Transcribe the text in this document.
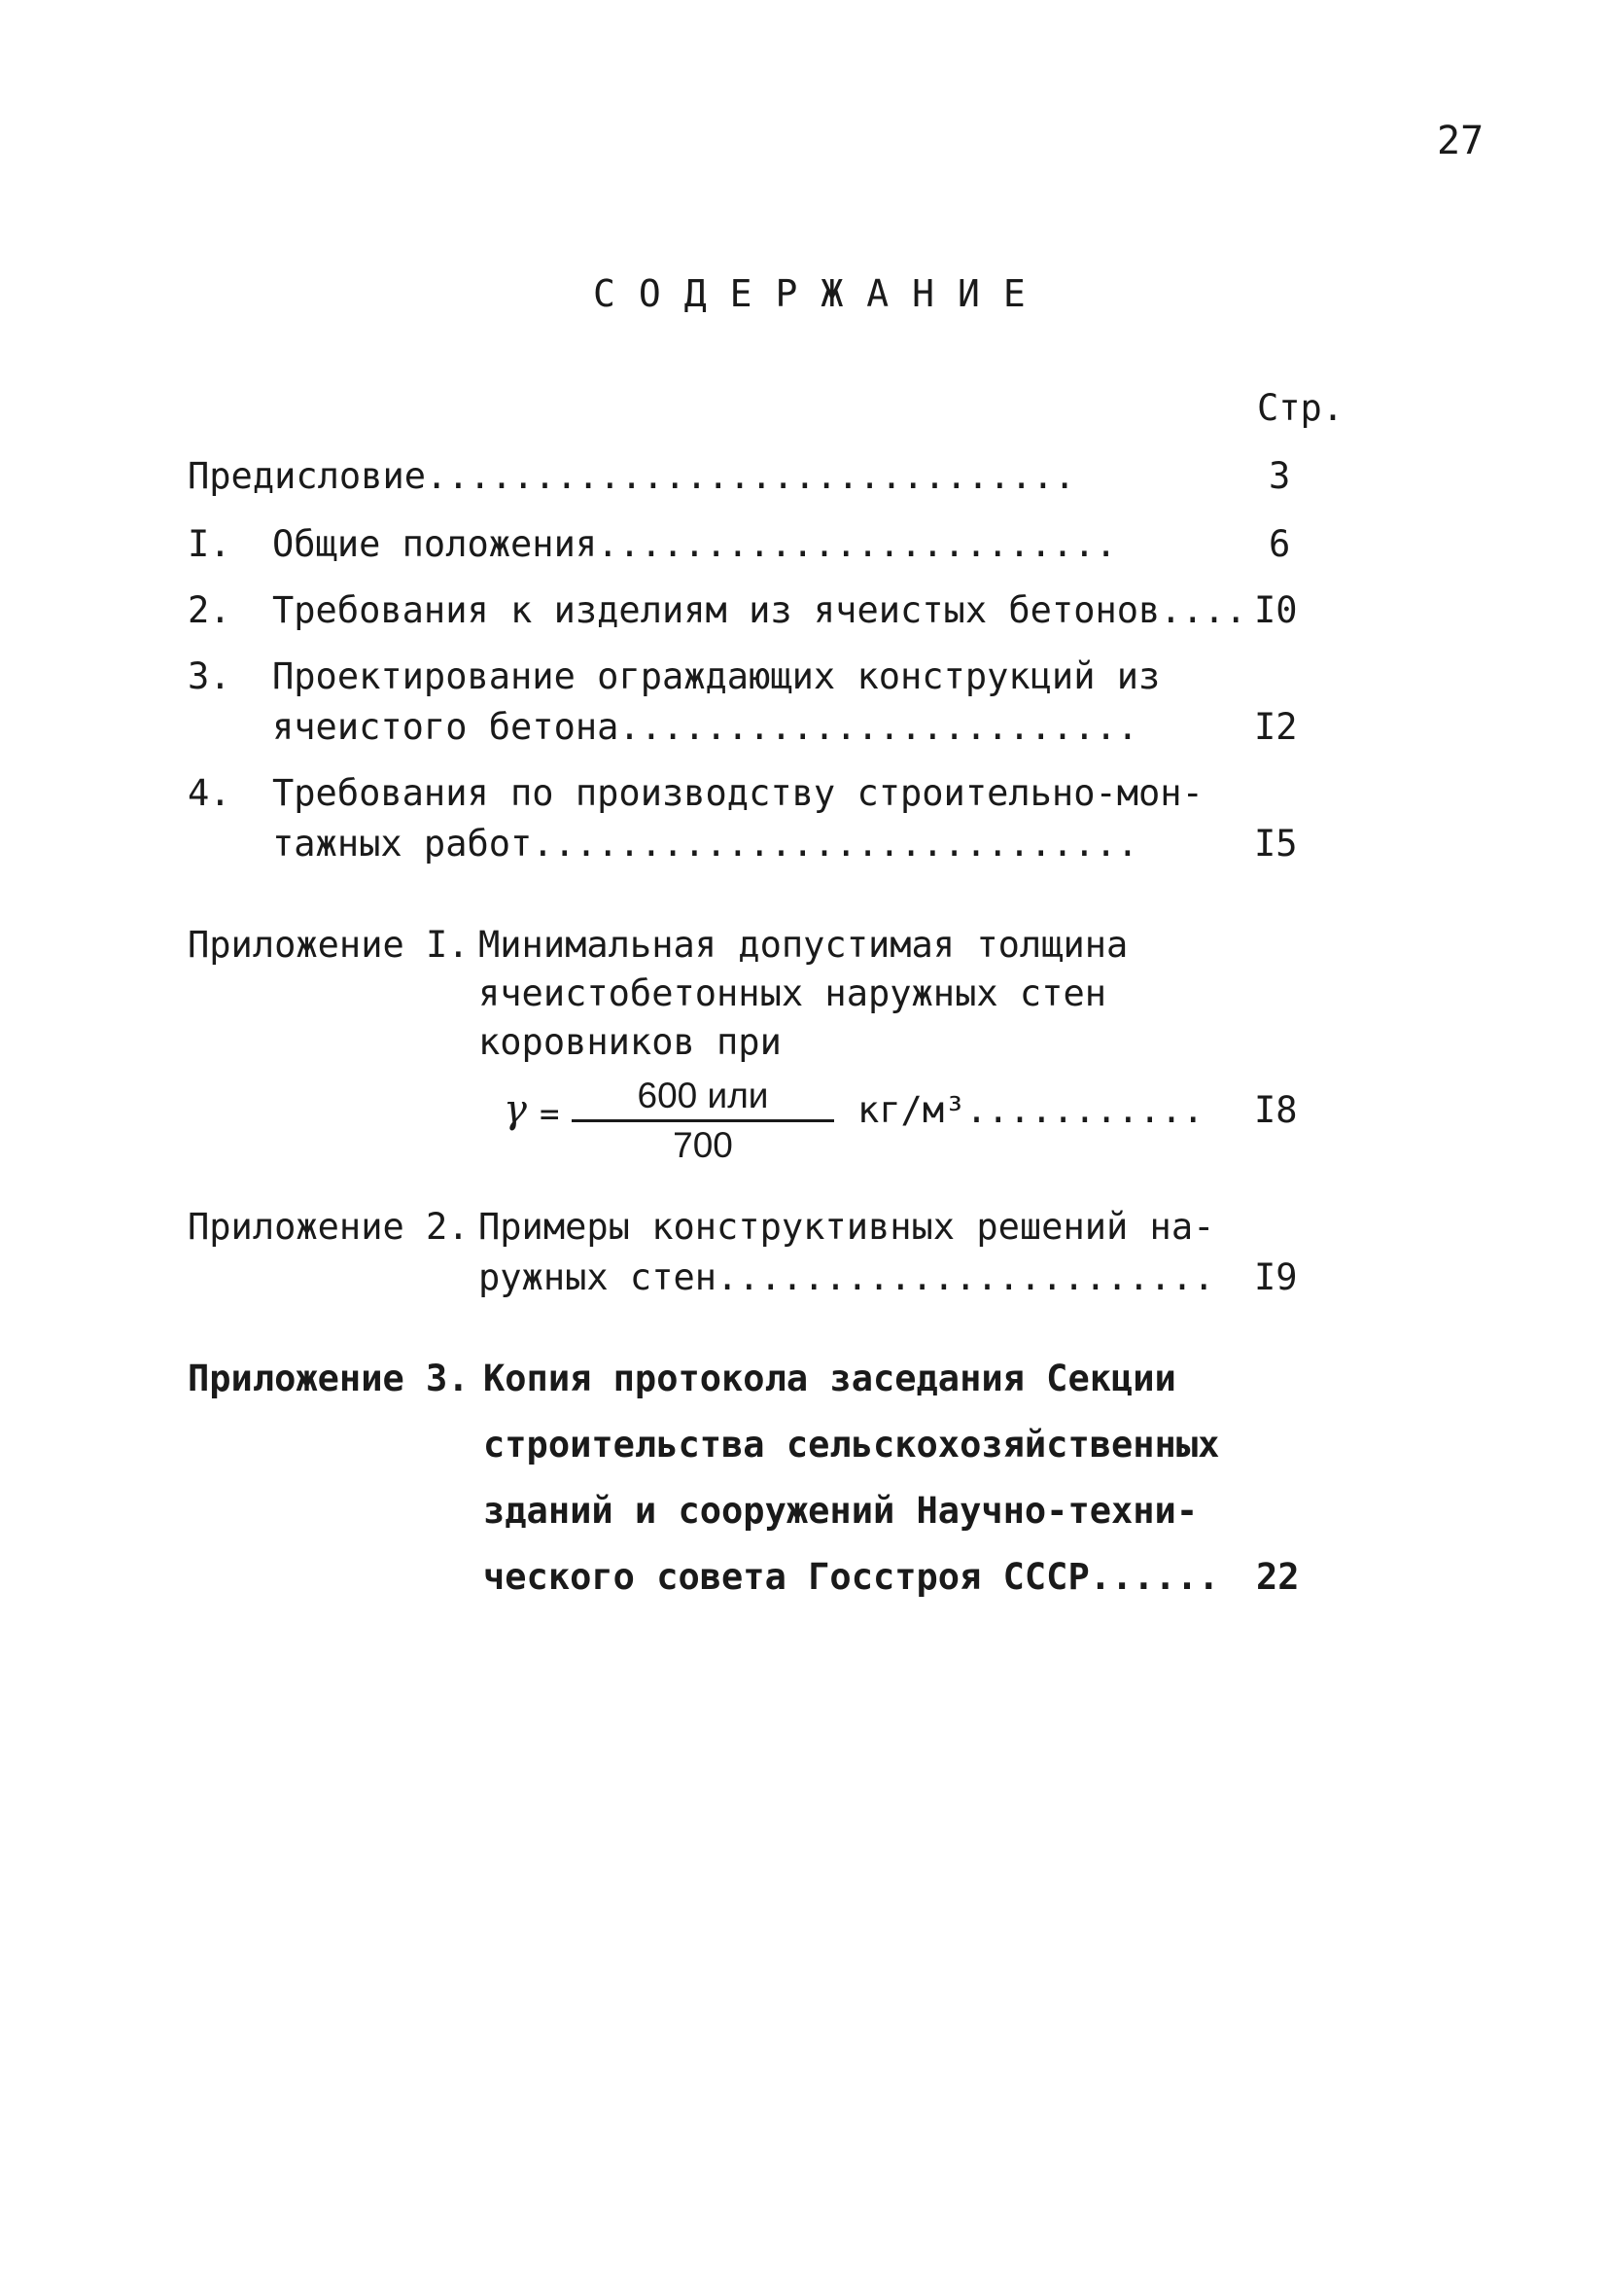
27
СОДЕРЖАНИЕ
Стр.
Предисловие..............................	3
I. Общие положения........................	6
2. Требования к изделиям из ячеистых бетонов.... I0
3. Проектирование ограждающих конструкций из
ячеистого бетона........................	I2
4. Требования по производству строительно-мон-
тажных работ............................	I5
Приложение I. Минимальная допустимая толщина
ячеистобетонных наружных стен
коровников при
γ =	600 или
700
кг/м³........... I8
Приложение 2. Примеры конструктивных решений на-
ружных стен....................... I9
Приложение 3. Копия протокола заседания Секции
строительства сельскохозяйственных
зданий и сооружений Научно-техни-
ческого совета Госстроя СССР...... 22
